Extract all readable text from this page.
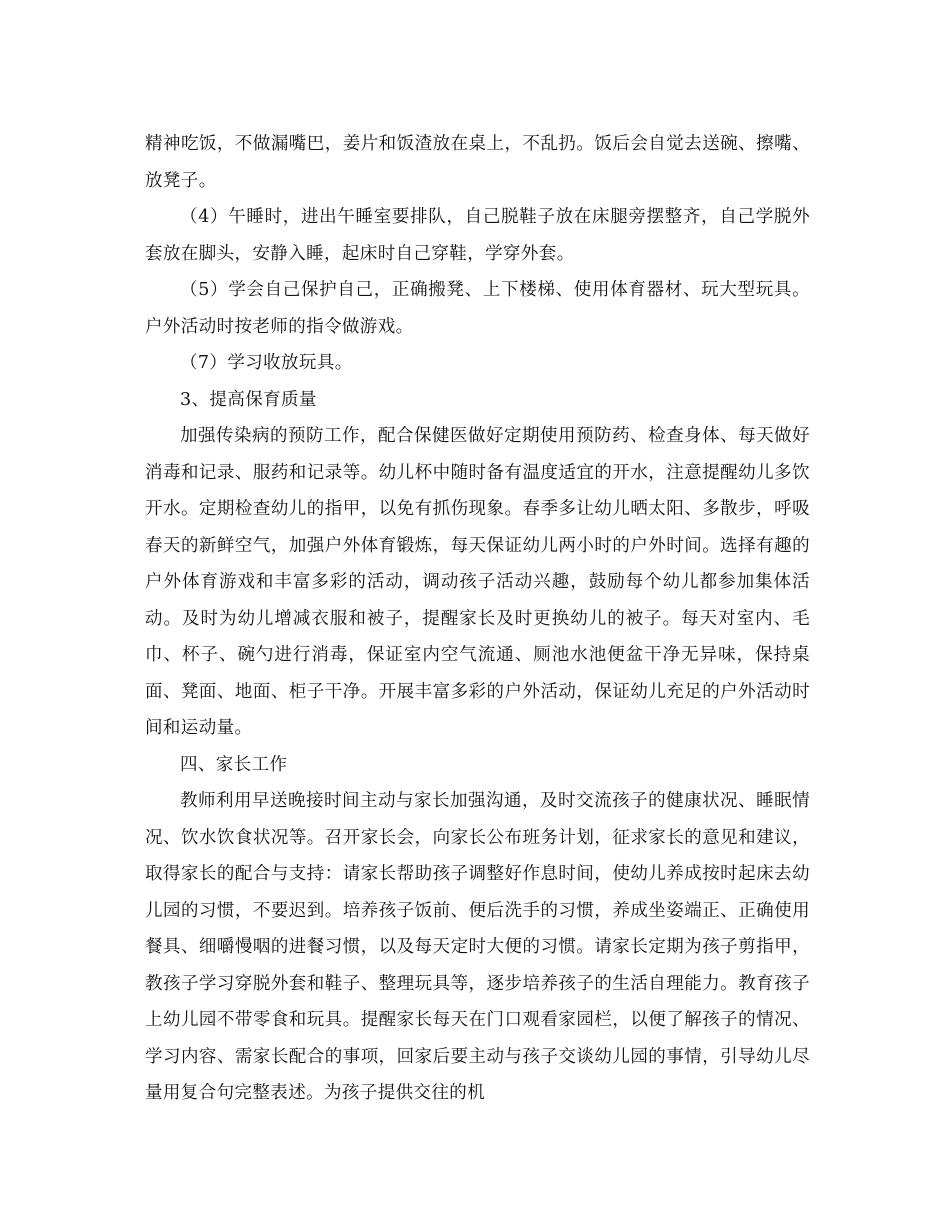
精神吃饭，不做漏嘴巴，姜片和饭渣放在桌上，不乱扔。饭后会自觉去送碗、擦嘴、放凳子。

（4）午睡时，进出午睡室要排队，自己脱鞋子放在床腿旁摆整齐，自己学脱外套放在脚头，安静入睡，起床时自己穿鞋，学穿外套。

（5）学会自己保护自己，正确搬凳、上下楼梯、使用体育器材、玩大型玩具。户外活动时按老师的指令做游戏。

（7）学习收放玩具。

3、提高保育质量

加强传染病的预防工作，配合保健医做好定期使用预防药、检查身体、每天做好消毒和记录、服药和记录等。幼儿杯中随时备有温度适宜的开水，注意提醒幼儿多饮开水。定期检查幼儿的指甲，以免有抓伤现象。春季多让幼儿晒太阳、多散步，呼吸春天的新鲜空气，加强户外体育锻炼，每天保证幼儿两小时的户外时间。选择有趣的户外体育游戏和丰富多彩的活动，调动孩子活动兴趣，鼓励每个幼儿都参加集体活动。及时为幼儿增减衣服和被子，提醒家长及时更换幼儿的被子。每天对室内、毛巾、杯子、碗勺进行消毒，保证室内空气流通、厕池水池便盆干净无异味，保持桌面、凳面、地面、柜子干净。开展丰富多彩的户外活动，保证幼儿充足的户外活动时间和运动量。

四、家长工作

教师利用早送晚接时间主动与家长加强沟通，及时交流孩子的健康状况、睡眠情况、饮水饮食状况等。召开家长会，向家长公布班务计划，征求家长的意见和建议，取得家长的配合与支持：请家长帮助孩子调整好作息时间，使幼儿养成按时起床去幼儿园的习惯，不要迟到。培养孩子饭前、便后洗手的习惯，养成坐姿端正、正确使用餐具、细嚼慢咽的进餐习惯，以及每天定时大便的习惯。请家长定期为孩子剪指甲，教孩子学习穿脱外套和鞋子、整理玩具等，逐步培养孩子的生活自理能力。教育孩子上幼儿园不带零食和玩具。提醒家长每天在门口观看家园栏，以便了解孩子的情况、学习内容、需家长配合的事项，回家后要主动与孩子交谈幼儿园的事情，引导幼儿尽量用复合句完整表述。为孩子提供交往的机
